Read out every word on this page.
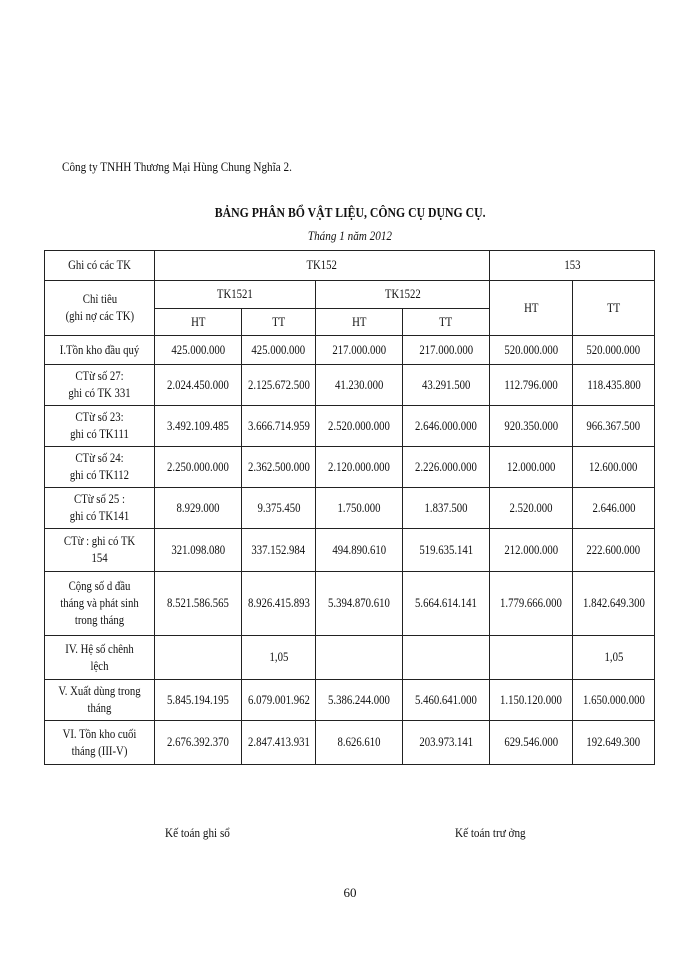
Công ty TNHH Thương Mại Hùng Chung Nghĩa 2.
BẢNG PHÂN BỔ VẬT LIỆU, CÔNG CỤ DỤNG CỤ.
Tháng 1 năm 2012
Ghi có các TK	TK152				153	
Chỉ tiêu
(ghi nợ các TK)	TK1521		TK1522		HT	TT
	HT	TT	HT	TT		

I.Tồn kho đầu quý	425.000.000	425.000.000	217.000.000	217.000.000	520.000.000	520.000.000

CTừ số 27:
ghi có TK 331	2.024.450.000	2.125.672.500	41.230.000	43.291.500	112.796.000	118.435.800

CTừ số 23:
ghi có TK111	3.492.109.485	3.666.714.959	2.520.000.000	2.646.000.000	920.350.000	966.367.500

CTừ số 24:
ghi có TK112	2.250.000.000	2.362.500.000	2.120.000.000	2.226.000.000	12.000.000	12.600.000

CTừ số 25 :
ghi có TK141	8.929.000	9.375.450	1.750.000	1.837.500	2.520.000	2.646.000

CTừ : ghi có TK
154	321.098.080	337.152.984	494.890.610	519.635.141	212.000.000	222.600.000

Cộng số d đầu
tháng và phát sinh
trong tháng	8.521.586.565	8.926.415.893	5.394.870.610	5.664.614.141	1.779.666.000	1.842.649.300

IV. Hệ số chênh
lệch		1,05				1,05

V. Xuất dùng trong
tháng	5.845.194.195	6.079.001.962	5.386.244.000	5.460.641.000	1.150.120.000	1.650.000.000

VI. Tồn kho cuối
tháng (III-V)	2.676.392.370	2.847.413.931	8.626.610	203.973.141	629.546.000	192.649.300
Kế toán ghi sổ	Kế toán trư ởng
60
